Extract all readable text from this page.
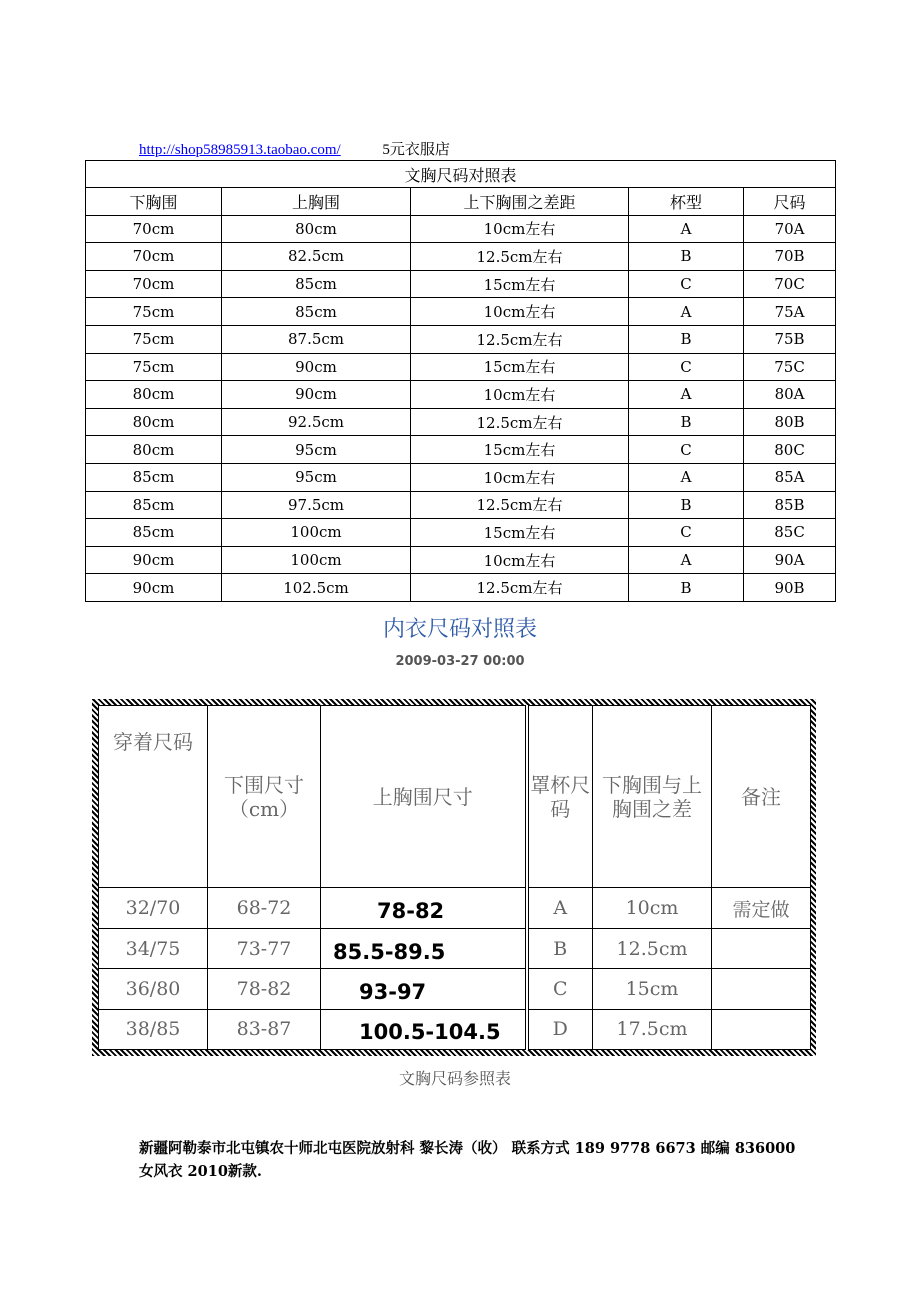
http://shop58985913.taobao.com/	5元衣服店
文胸尺码对照表				
下胸围	上胸围	上下胸围之差距	杯型	尺码
70cm	80cm	10cm左右	A	70A
70cm	82.5cm	12.5cm左右	B	70B
70cm	85cm	15cm左右	C	70C
75cm	85cm	10cm左右	A	75A
75cm	87.5cm	12.5cm左右	B	75B
75cm	90cm	15cm左右	C	75C
80cm	90cm	10cm左右	A	80A
80cm	92.5cm	12.5cm左右	B	80B
80cm	95cm	15cm左右	C	80C
85cm	95cm	10cm左右	A	85A
85cm	97.5cm	12.5cm左右	B	85B
85cm	100cm	15cm左右	C	85C
90cm	100cm	10cm左右	A	90A
90cm	102.5cm	12.5cm左右	B	90B
内衣尺码对照表
2009-03-27 00:00
穿着尺码	下围尺寸（cm）	上胸围尺寸	罩杯尺码	下胸围与上胸围之差	备注
32/70	68-72	78-82	A	10cm	需定做
34/75	73-77	85.5-89.5	B	12.5cm	
36/80	78-82	93-97	C	15cm	
38/85	83-87	100.5-104.5	D	17.5cm	
文胸尺码参照表

新疆阿勒泰市北屯镇农十师北屯医院放射科 黎长涛（收） 联系方式 189 9778 6673 邮编 836000

女风衣 2010新款.
